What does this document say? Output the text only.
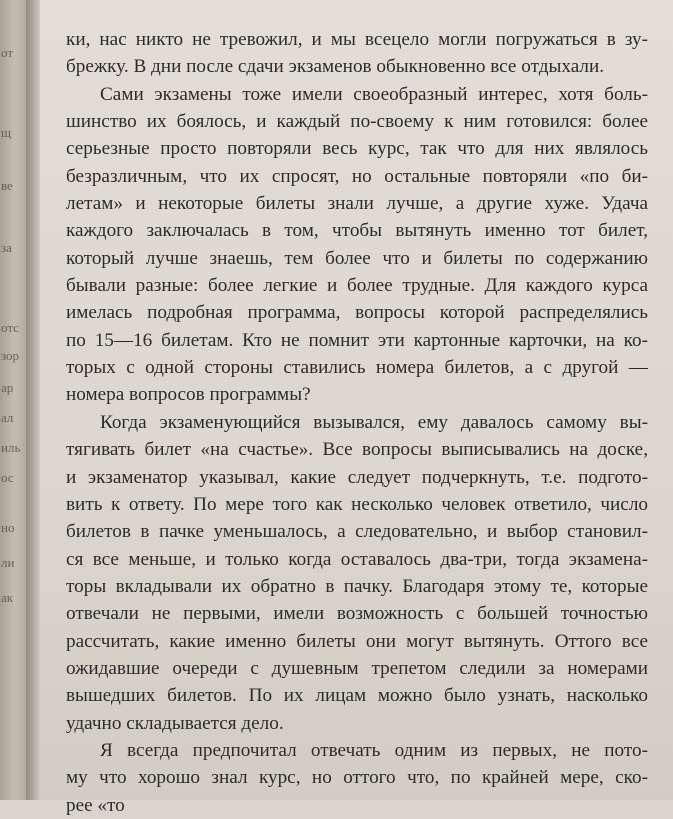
от
щ
ве
за
отс
зор
ар
ал
иль
ос
но
ли
ак
ки, нас никто не тревожил, и мы всецело могли погружаться в зу-
брежку. В дни после сдачи экзаменов обыкновенно все отдыхали.
Сами экзамены тоже имели своеобразный интерес, хотя боль-
шинство их боялось, и каждый по-своему к ним готовился: более
серьезные просто повторяли весь курс, так что для них являлось
безразличным, что их спросят, но остальные повторяли «по би-
летам» и некоторые билеты знали лучше, а другие хуже. Удача
каждого заключалась в том, чтобы вытянуть именно тот билет,
который лучше знаешь, тем более что и билеты по содержанию
бывали разные: более легкие и более трудные. Для каждого курса
имелась подробная программа, вопросы которой распределялись
по 15—16 билетам. Кто не помнит эти картонные карточки, на ко-
торых с одной стороны ставились номера билетов, а с другой —
номера вопросов программы?
Когда экзаменующийся вызывался, ему давалось самому вы-
тягивать билет «на счастье». Все вопросы выписывались на доске,
и экзаменатор указывал, какие следует подчеркнуть, т.е. подгото-
вить к ответу. По мере того как несколько человек ответило, число
билетов в пачке уменьшалось, а следовательно, и выбор становил-
ся все меньше, и только когда оставалось два-три, тогда экзамена-
торы вкладывали их обратно в пачку. Благодаря этому те, которые
отвечали не первыми, имели возможность с большей точностью
рассчитать, какие именно билеты они могут вытянуть. Оттого все
ожидавшие очереди с душевным трепетом следили за номерами
вышедших билетов. По их лицам можно было узнать, насколько
удачно складывается дело.
Я всегда предпочитал отвечать одним из первых, не пото-
му что хорошо знал курс, но оттого что, по крайней мере, ско-
рее «то
